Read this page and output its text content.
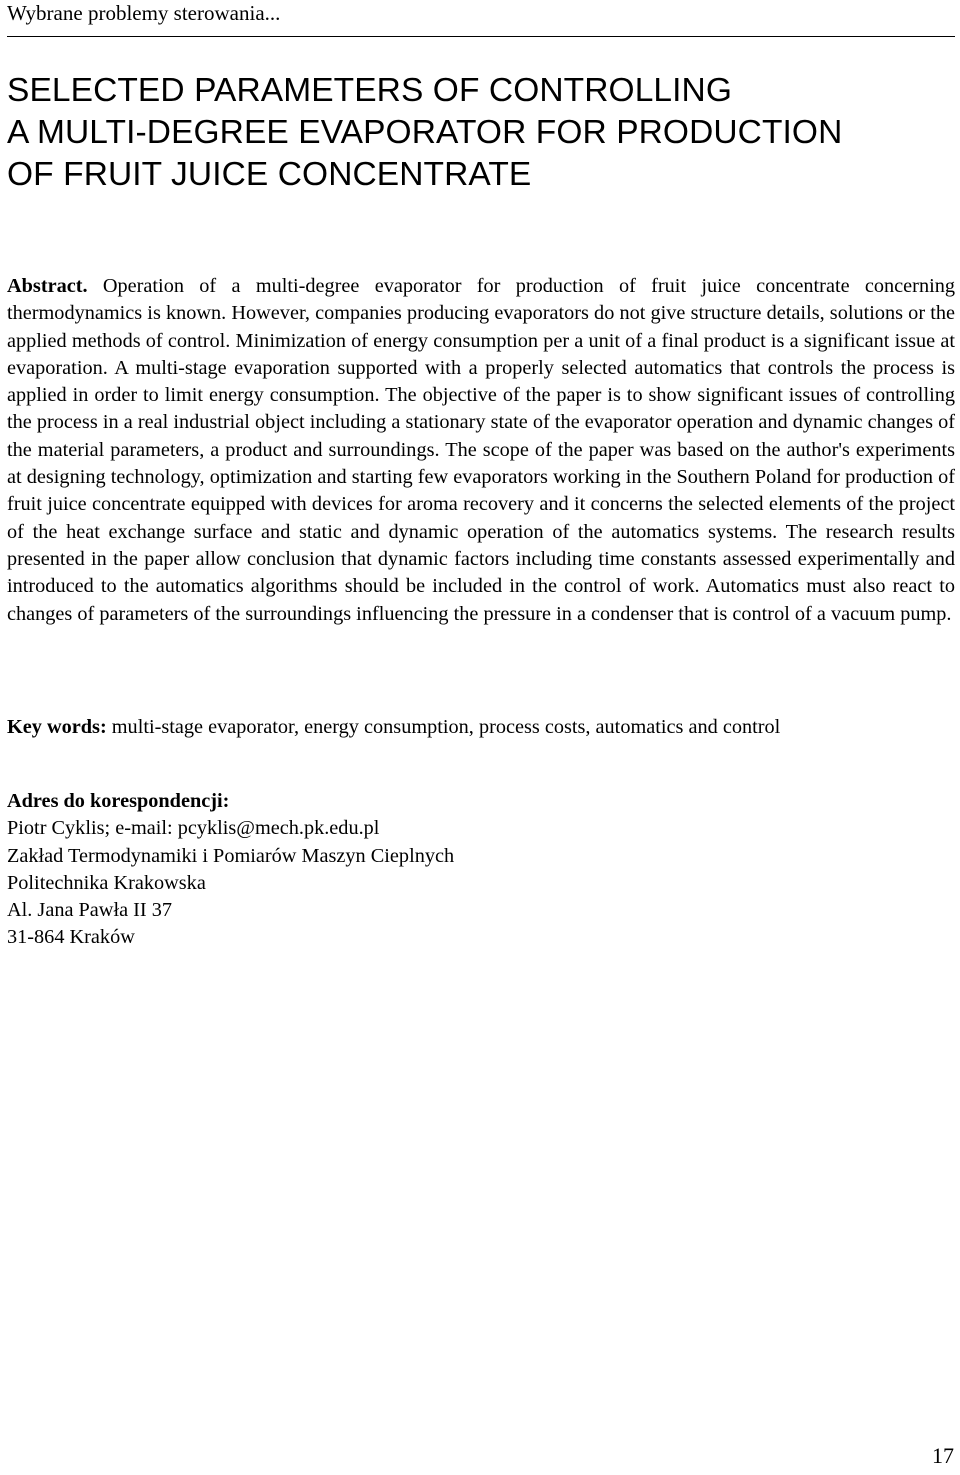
Wybrane problemy sterowania...
SELECTED PARAMETERS OF CONTROLLING
A MULTI-DEGREE EVAPORATOR FOR PRODUCTION
OF FRUIT JUICE CONCENTRATE

Abstract. Operation of a multi-degree evaporator for production of fruit juice concentrate concerning thermodynamics is known. However, companies producing evaporators do not give structure details, solutions or the applied methods of control. Minimization of energy consumption per a unit of a final product is a significant issue at evaporation. A multi-stage evaporation supported with a properly selected automatics that controls the process is applied in order to limit energy consumption. The objective of the paper is to show significant issues of controlling the process in a real industrial object including a stationary state of the evaporator operation and dynamic changes of the material parameters, a product and surroundings. The scope of the paper was based on the author's experiments at designing technology, optimization and starting few evaporators working in the Southern Poland for production of fruit juice concentrate equipped with devices for aroma recovery and it concerns the selected elements of the project of the heat exchange surface and static and dynamic operation of the automatics systems. The research results presented in the paper allow conclusion that dynamic factors including time constants assessed experimentally and introduced to the automatics algorithms should be included in the control of work. Automatics must also react to changes of parameters of the surroundings influencing the pressure in a condenser that is control of a vacuum pump.

Key words: multi-stage evaporator, energy consumption, process costs, automatics and control

Adres do korespondencji:
Piotr Cyklis; e-mail: pcyklis@mech.pk.edu.pl
Zakład Termodynamiki i Pomiarów Maszyn Cieplnych
Politechnika Krakowska
Al. Jana Pawła II 37
31-864 Kraków
17
